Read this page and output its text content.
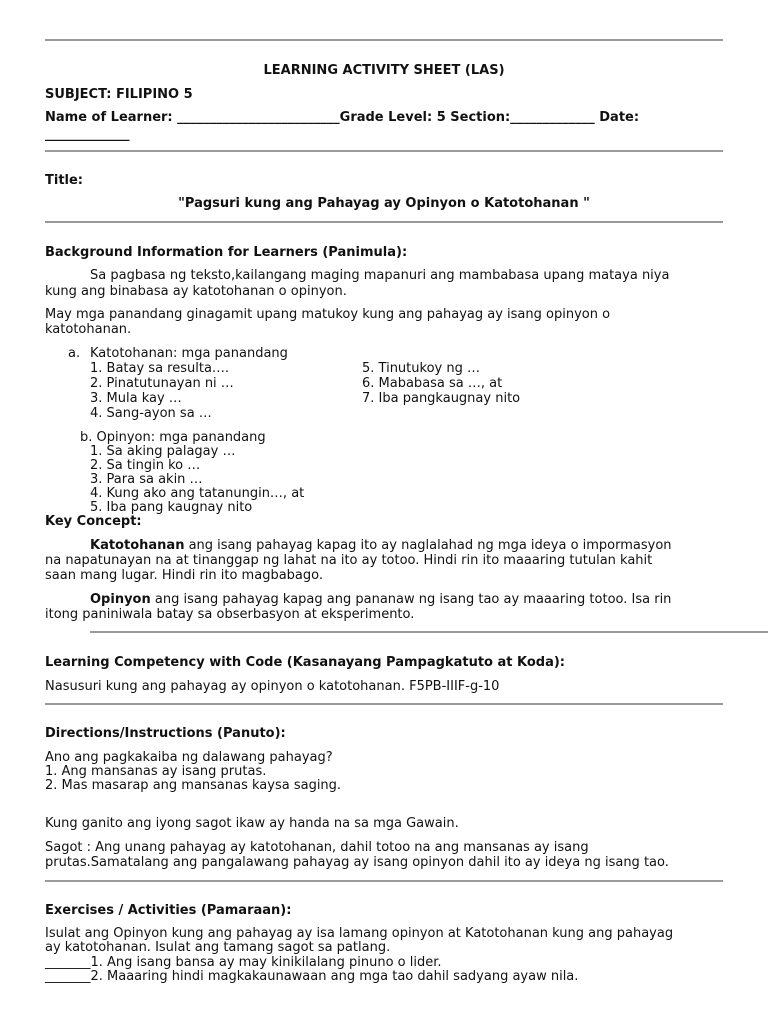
LEARNING ACTIVITY SHEET (LAS)
SUBJECT: FILIPINO 5
Name of Learner: _________________________Grade Level: 5 Section:_____________ Date:
_____________
Title:
"Pagsuri kung ang Pahayag ay Opinyon o Katotohanan "
Background Information for Learners (Panimula):
Sa pagbasa ng teksto,kailangang maging mapanuri ang mambabasa upang mataya niya
kung ang binabasa ay katotohanan o opinyon.
May mga panandang ginagamit upang matukoy kung ang pahayag ay isang opinyon o
katotohanan.
a. Katotohanan: mga panandang
1. Batay sa resulta….
2. Pinatutunayan ni …
3. Mula kay …
4. Sang-ayon sa …
5. Tinutukoy ng …
6. Mababasa sa …, at
7. Iba pangkaugnay nito
b. Opinyon: mga panandang
1. Sa aking palagay …
2. Sa tingin ko …
3. Para sa akin …
4. Kung ako ang tatanungin…, at
5. Iba pang kaugnay nito
Key Concept:
Katotohanan ang isang pahayag kapag ito ay naglalahad ng mga ideya o impormasyon
na napatunayan na at tinanggap ng lahat na ito ay totoo. Hindi rin ito maaaring tutulan kahit
saan mang lugar. Hindi rin ito magbabago.
Opinyon ang isang pahayag kapag ang pananaw ng isang tao ay maaaring totoo. Isa rin
itong paniniwala batay sa obserbasyon at eksperimento.
Learning Competency with Code (Kasanayang Pampagkatuto at Koda):
Nasusuri kung ang pahayag ay opinyon o katotohanan. F5PB-IIIF-g-10
Directions/Instructions (Panuto):
Ano ang pagkakaiba ng dalawang pahayag?
1. Ang mansanas ay isang prutas.
2. Mas masarap ang mansanas kaysa saging.
Kung ganito ang iyong sagot ikaw ay handa na sa mga Gawain.
Sagot : Ang unang pahayag ay katotohanan, dahil totoo na ang mansanas ay isang
prutas.Samatalang ang pangalawang pahayag ay isang opinyon dahil ito ay ideya ng isang tao.
Exercises / Activities (Pamaraan):
Isulat ang Opinyon kung ang pahayag ay isa lamang opinyon at Katotohanan kung ang pahayag
ay katotohanan. Isulat ang tamang sagot sa patlang.
_______1. Ang isang bansa ay may kinikilalang pinuno o lider.
_______2. Maaaring hindi magkakaunawaan ang mga tao dahil sadyang ayaw nila.
